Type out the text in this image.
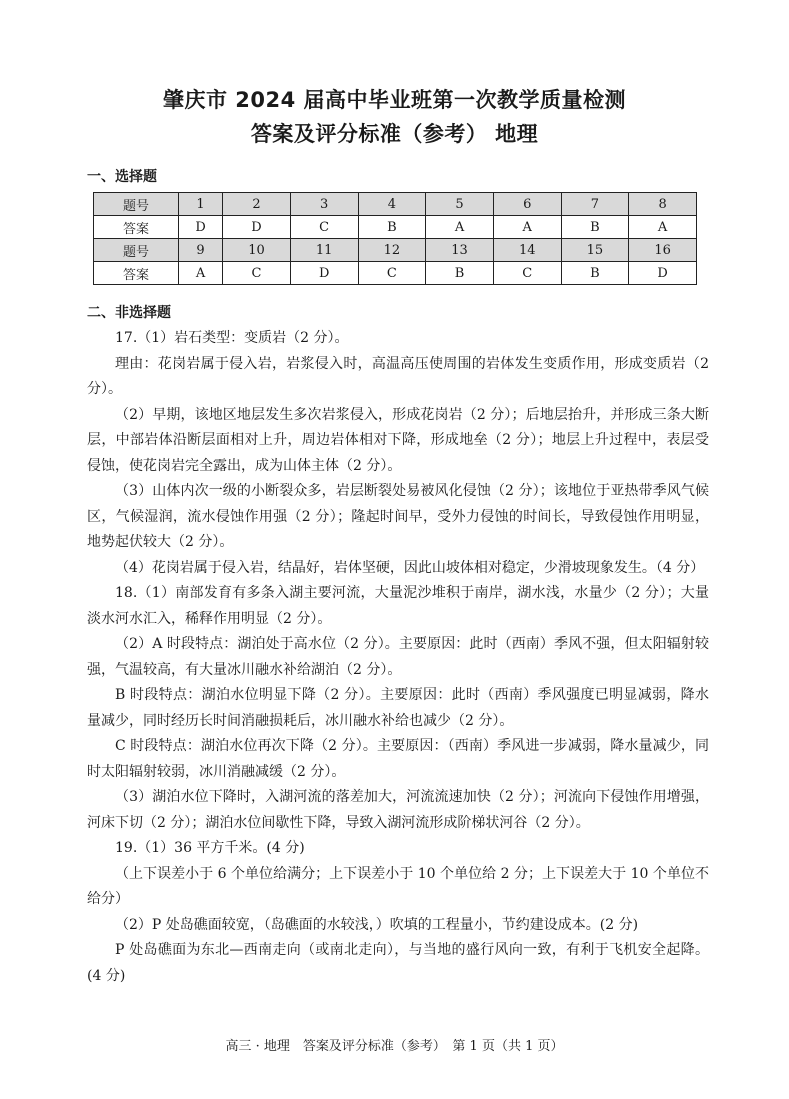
肇庆市 2024 届高中毕业班第一次教学质量检测
答案及评分标准（参考） 地理
一、选择题
题号	1	2	3	4	5	6	7	8
答案	D	D	C	B	A	A	B	A
题号	9	10	11	12	13	14	15	16
答案	A	C	D	C	B	C	B	D
二、非选择题

17.（1）岩石类型：变质岩（2 分）。

理由：花岗岩属于侵入岩，岩浆侵入时，高温高压使周围的岩体发生变质作用，形成变质岩（2 分）。

（2）早期，该地区地层发生多次岩浆侵入，形成花岗岩（2 分）；后地层抬升，并形成三条大断层，中部岩体沿断层面相对上升，周边岩体相对下降，形成地垒（2 分）；地层上升过程中，表层受侵蚀，使花岗岩完全露出，成为山体主体（2 分）。

（3）山体内次一级的小断裂众多，岩层断裂处易被风化侵蚀（2 分）；该地位于亚热带季风气候区，气候湿润，流水侵蚀作用强（2 分）；隆起时间早，受外力侵蚀的时间长，导致侵蚀作用明显，地势起伏较大（2 分）。

（4）花岗岩属于侵入岩，结晶好，岩体坚硬，因此山坡体相对稳定，少滑坡现象发生。（4 分）

18.（1）南部发育有多条入湖主要河流，大量泥沙堆积于南岸，湖水浅，水量少（2 分）；大量淡水河水汇入，稀释作用明显（2 分）。

（2）A 时段特点：湖泊处于高水位（2 分）。主要原因：此时（西南）季风不强，但太阳辐射较强，气温较高，有大量冰川融水补给湖泊（2 分）。

B 时段特点：湖泊水位明显下降（2 分）。主要原因：此时（西南）季风强度已明显减弱，降水量减少，同时经历长时间消融损耗后，冰川融水补给也减少（2 分）。

C 时段特点：湖泊水位再次下降（2 分）。主要原因：（西南）季风进一步减弱，降水量减少，同时太阳辐射较弱，冰川消融减缓（2 分）。

（3）湖泊水位下降时，入湖河流的落差加大，河流流速加快（2 分）；河流向下侵蚀作用增强，河床下切（2 分）；湖泊水位间歇性下降，导致入湖河流形成阶梯状河谷（2 分）。

19.（1）36 平方千米。(4 分)

（上下误差小于 6 个单位给满分；上下误差小于 10 个单位给 2 分；上下误差大于 10 个单位不给分）

（2）P 处岛礁面较宽，（岛礁面的水较浅，）吹填的工程量小，节约建设成本。(2 分)

P 处岛礁面为东北—西南走向（或南北走向），与当地的盛行风向一致，有利于飞机安全起降。(4 分)

高三 · 地理　答案及评分标准（参考）　第 1 页（共 1 页）
